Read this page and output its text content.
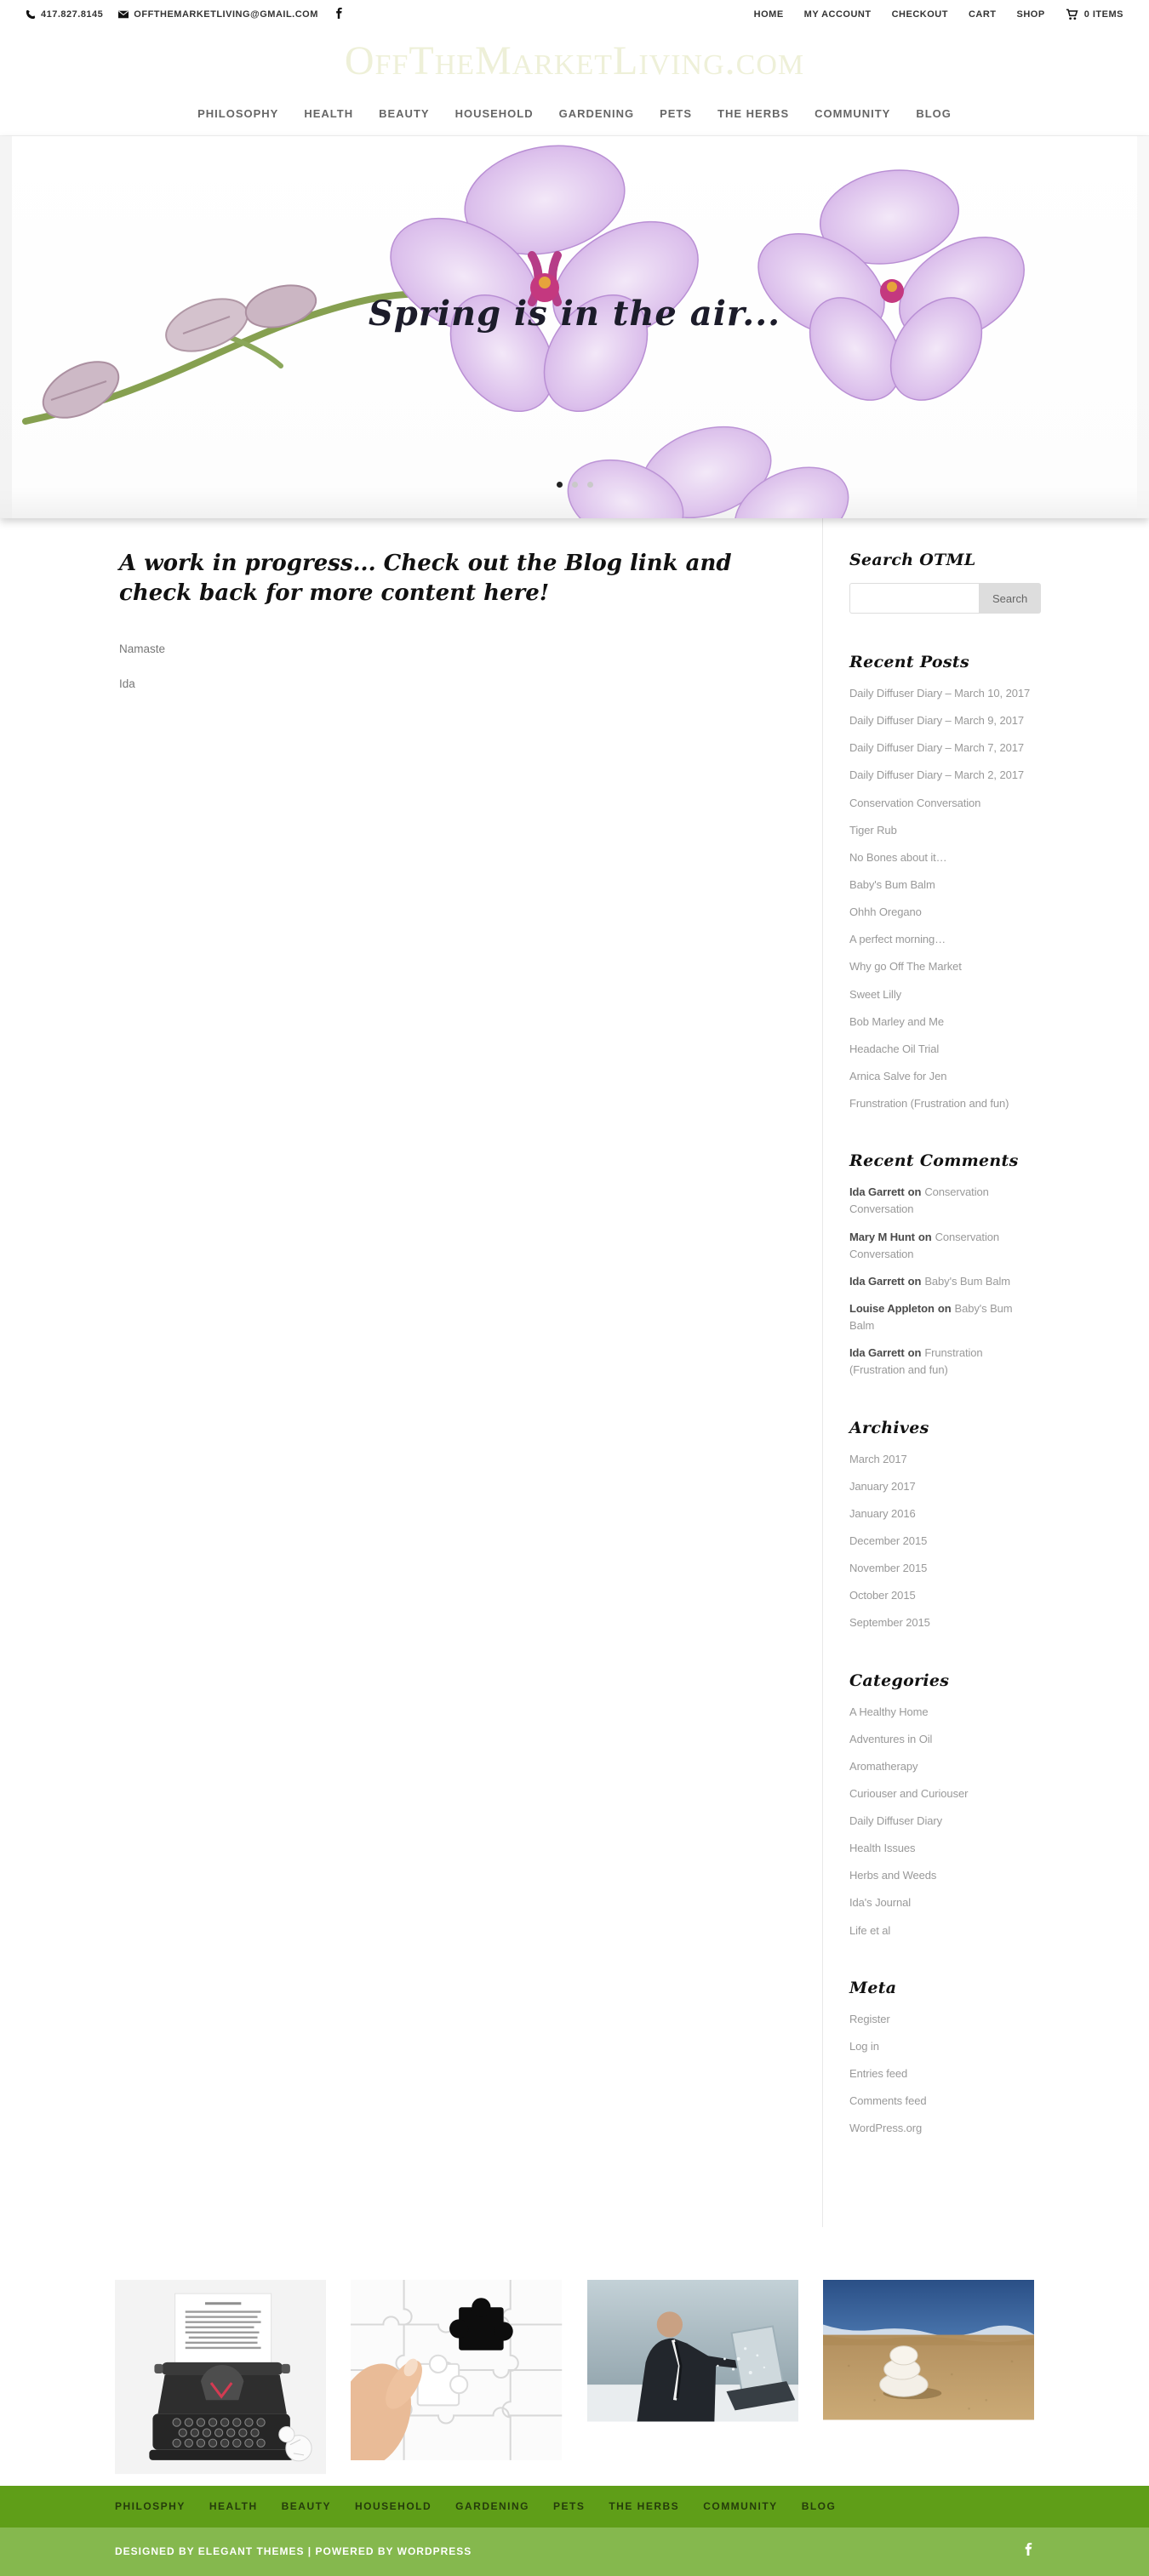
417.827.8145	OFFTHEMARKETLIVING@GMAIL.COM	HOME MY ACCOUNT CHECKOUT CART SHOP	0 ITEMS
OffTheMarketLiving.com
PHILOSOPHY HEALTH BEAUTY HOUSEHOLD GARDENING PETS THE HERBS COMMUNITY BLOG
Spring is in the air...
A work in progress... Check out the Blog link and check back for more content here!

Namaste

Ida

Search OTML
Search
Recent Posts
Daily Diffuser Diary – March 10, 2017
Daily Diffuser Diary – March 9, 2017
Daily Diffuser Diary – March 7, 2017
Daily Diffuser Diary – March 2, 2017
Conservation Conversation
Tiger Rub
No Bones about it…
Baby's Bum Balm
Ohhh Oregano
A perfect morning…
Why go Off The Market
Sweet Lilly
Bob Marley and Me
Headache Oil Trial
Arnica Salve for Jen
Frunstration (Frustration and fun)
Recent Comments
Ida Garrett on Conservation Conversation
Mary M Hunt on Conservation Conversation
Ida Garrett on Baby's Bum Balm
Louise Appleton on Baby's Bum Balm
Ida Garrett on Frunstration (Frustration and fun)
Archives
March 2017
January 2017
January 2016
December 2015
November 2015
October 2015
September 2015
Categories
A Healthy Home
Adventures in Oil
Aromatherapy
Curiouser and Curiouser
Daily Diffuser Diary
Health Issues
Herbs and Weeds
Ida's Journal
Life et al
Meta
Register
Log in
Entries feed
Comments feed
WordPress.org
PHILOSPHY HEALTH BEAUTY HOUSEHOLD GARDENING PETS THE HERBS COMMUNITY BLOG
DESIGNED BY ELEGANT THEMES | POWERED BY WORDPRESS
